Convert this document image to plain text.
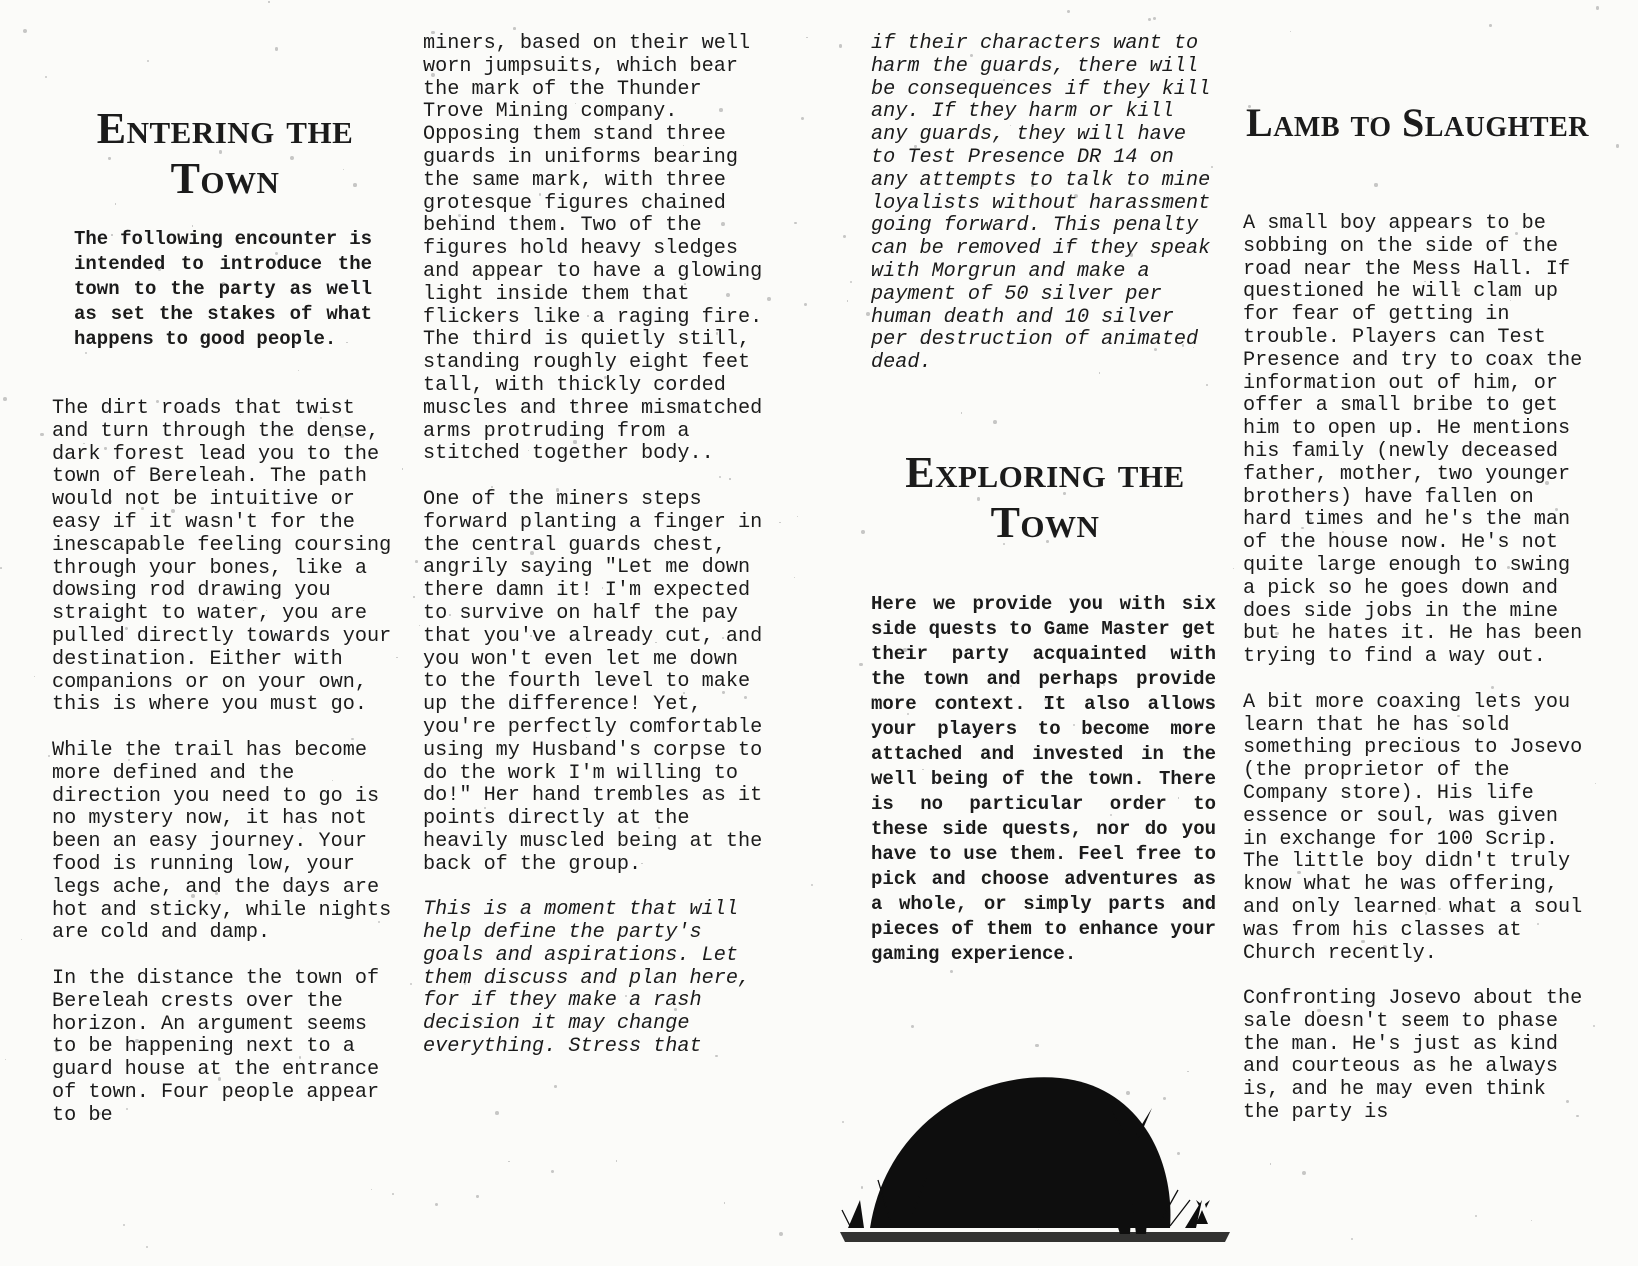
Entering the Town
The following encounter is intended to introduce the town to the party as well as set the stakes of what happens to good people.

The dirt roads that twist and turn through the dense, dark forest lead you to the town of Bereleah. The path would not be intuitive or easy if it wasn't for the inescapable feeling coursing through your bones, like a dowsing rod drawing you straight to water, you are pulled directly towards your destination. Either with companions or on your own, this is where you must go.

While the trail has become more defined and the direction you need to go is no mystery now, it has not been an easy journey. Your food is running low, your legs ache, and the days are hot and sticky, while nights are cold and damp.

In the distance the town of Bereleah crests over the horizon. An argument seems to be happening next to a guard house at the entrance of town. Four people appear to be

miners, based on their well worn jumpsuits, which bear the mark of the Thunder Trove Mining company. Opposing them stand three guards in uniforms bearing the same mark, with three grotesque figures chained behind them. Two of the figures hold heavy sledges and appear to have a glowing light inside them that flickers like a raging fire. The third is quietly still, standing roughly eight feet tall, with thickly corded muscles and three mismatched arms protruding from a stitched together body..

One of the miners steps forward planting a finger in the central guards chest, angrily saying "Let me down there damn it! I'm expected to survive on half the pay that you've already cut, and you won't even let me down to the fourth level to make up the difference! Yet, you're perfectly comfortable using my Husband's corpse to do the work I'm willing to do!" Her hand trembles as it points directly at the heavily muscled being at the back of the group.

This is a moment that will help define the party's goals and aspirations. Let them discuss and plan here, for if they make a rash decision it may change everything. Stress that

if their characters want to harm the guards, there will be consequences if they kill any. If they harm or kill any guards, they will have to Test Presence DR 14 on any attempts to talk to mine loyalists without harassment going forward. This penalty can be removed if they speak with Morgrun and make a payment of 50 silver per human death and 10 silver per destruction of animated dead.

Exploring the Town
Here we provide you with six side quests to Game Master get their party acquainted with the town and perhaps provide more context. It also allows your players to become more attached and invested in the well being of the town. There is no particular order to these side quests, nor do you have to use them. Feel free to pick and choose adventures as a whole, or simply parts and pieces of them to enhance your gaming experience.
Lamb to Slaughter

A small boy appears to be sobbing on the side of the road near the Mess Hall. If questioned he will clam up for fear of getting in trouble. Players can Test Presence and try to coax the information out of him, or offer a small bribe to get him to open up. He mentions his family (newly deceased father, mother, two younger brothers) have fallen on hard times and he's the man of the house now. He's not quite large enough to swing a pick so he goes down and does side jobs in the mine but he hates it. He has been trying to find a way out.

A bit more coaxing lets you learn that he has sold something precious to Josevo (the proprietor of the Company store). His life essence or soul, was given in exchange for 100 Scrip. The little boy didn't truly know what he was offering, and only learned what a soul was from his classes at Church recently.

Confronting Josevo about the sale doesn't seem to phase the man. He's just as kind and courteous as he always is, and he may even think the party is
